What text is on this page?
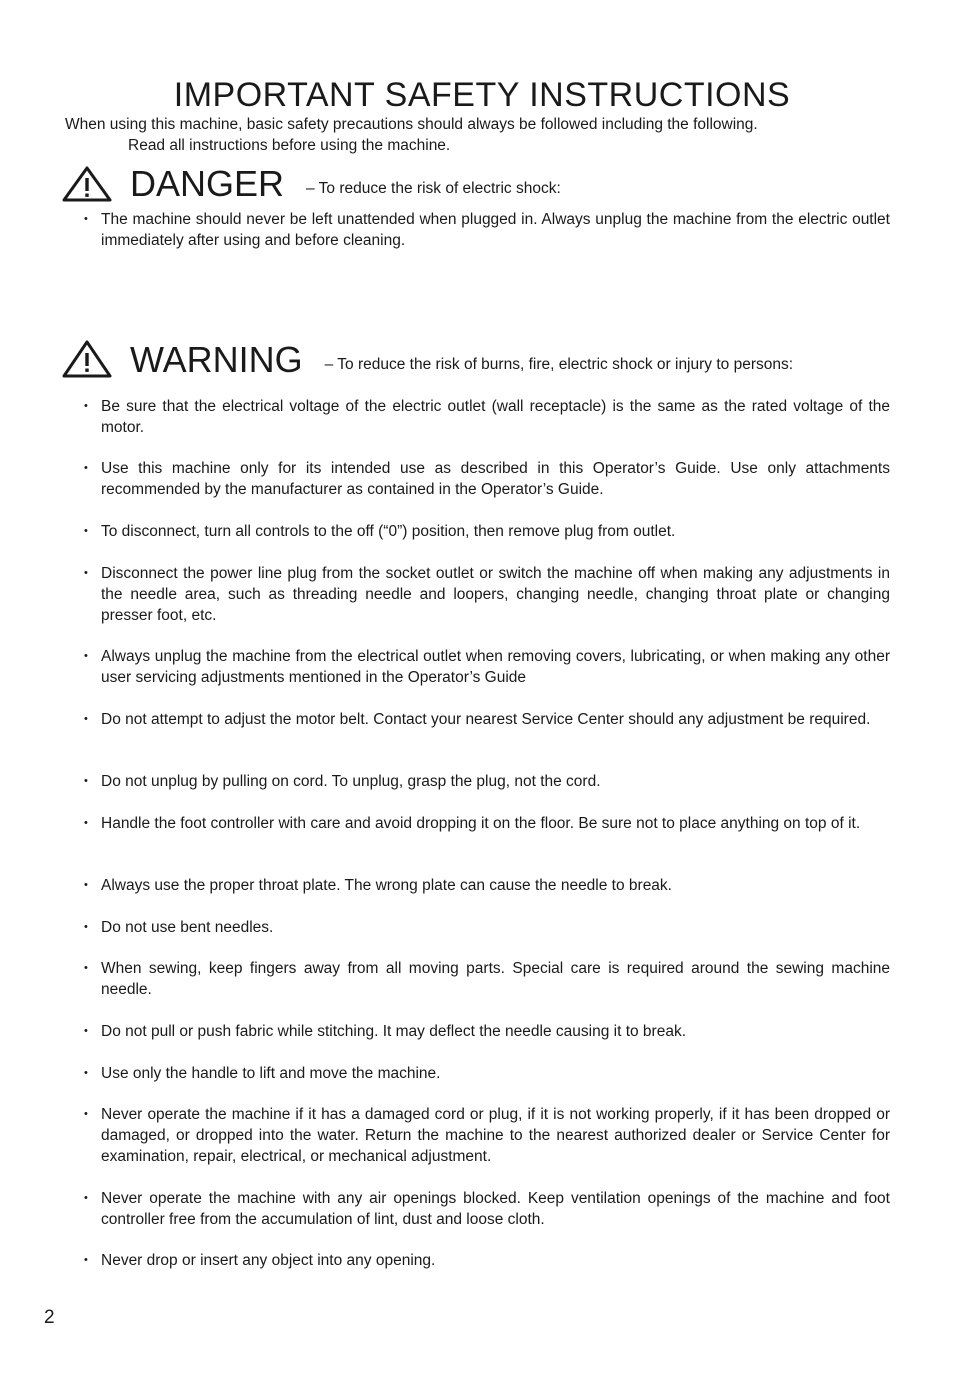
IMPORTANT SAFETY INSTRUCTIONS
When using this machine, basic safety precautions should always be followed including the following.
Read all instructions before using the machine.
DANGER – To reduce the risk of electric shock:
• The machine should never be left unattended when plugged in. Always unplug the machine from the electric outlet immediately after using and before cleaning.
WARNING – To reduce the risk of burns, fire, electric shock or injury to persons:
• Be sure that the electrical voltage of the electric outlet (wall receptacle) is the same as the rated voltage of the motor.
• Use this machine only for its intended use as described in this Operator’s Guide. Use only attachments recommended by the manufacturer as contained in the Operator’s Guide.
• To disconnect, turn all controls to the off (“0”) position, then remove plug from outlet.
• Disconnect the power line plug from the socket outlet or switch the machine off when making any adjustments in the needle area, such as threading needle and loopers, changing needle, changing throat plate or changing presser foot, etc.
• Always unplug the machine from the electrical outlet when removing covers, lubricating, or when making any other user servicing adjustments mentioned in the Operator’s Guide
• Do not attempt to adjust the motor belt. Contact your nearest Service Center should any adjustment be required.
• Do not unplug by pulling on cord. To unplug, grasp the plug, not the cord.
• Handle the foot controller with care and avoid dropping it on the floor. Be sure not to place anything on top of it.
• Always use the proper throat plate. The wrong plate can cause the needle to break.
• Do not use bent needles.
• When sewing, keep fingers away from all moving parts. Special care is required around the sewing machine needle.
• Do not pull or push fabric while stitching. It may deflect the needle causing it to break.
• Use only the handle to lift and move the machine.
• Never operate the machine if it has a damaged cord or plug, if it is not working properly, if it has been dropped or damaged, or dropped into the water. Return the machine to the nearest authorized dealer or Service Center for examination, repair, electrical, or mechanical adjustment.
• Never operate the machine with any air openings blocked. Keep ventilation openings of the machine and foot controller free from the accumulation of lint, dust and loose cloth.
• Never drop or insert any object into any opening.
2
